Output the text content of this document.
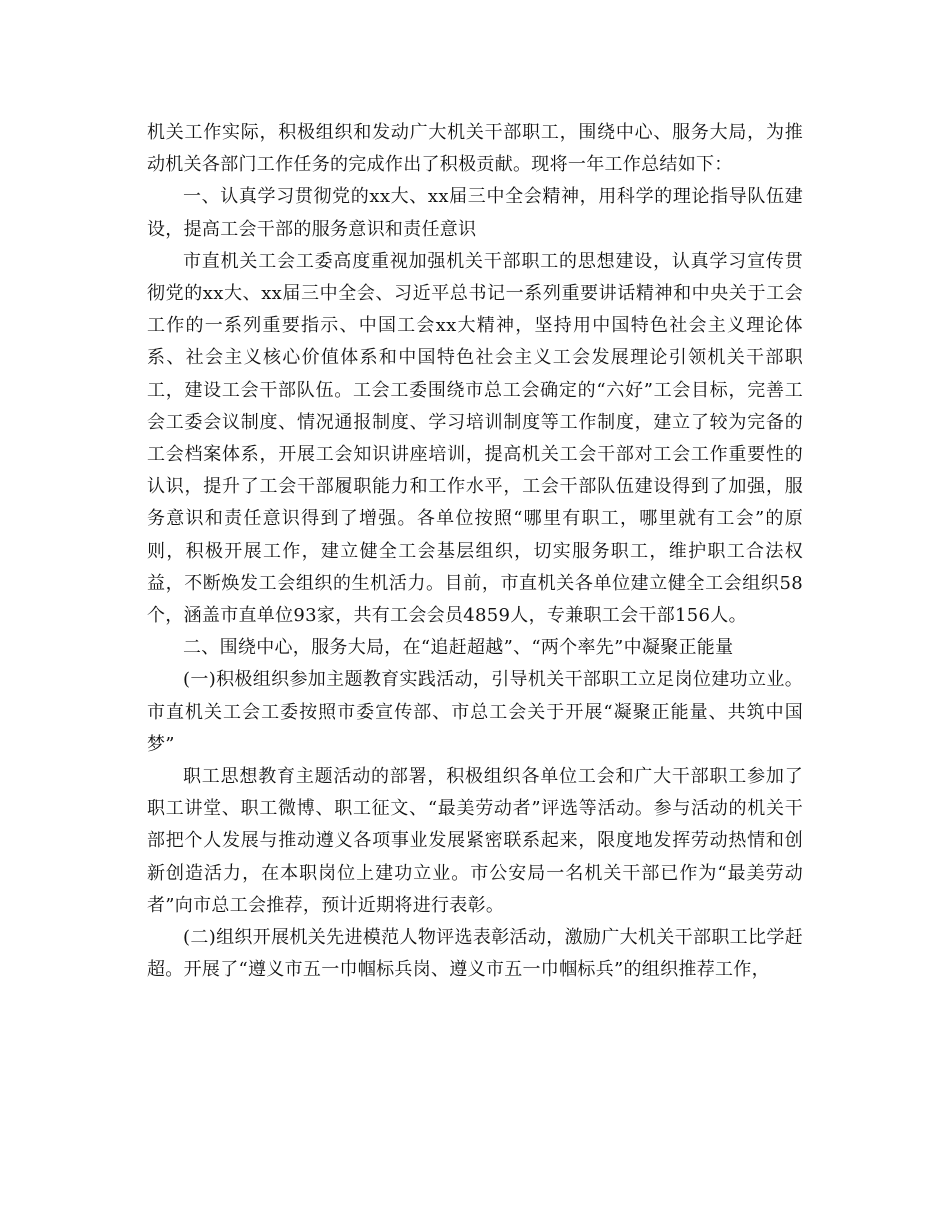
机关工作实际，积极组织和发动广大机关干部职工，围绕中心、服务大局，为推动机关各部门工作任务的完成作出了积极贡献。现将一年工作总结如下：

一、认真学习贯彻党的xx大、xx届三中全会精神，用科学的理论指导队伍建设，提高工会干部的服务意识和责任意识

市直机关工会工委高度重视加强机关干部职工的思想建设，认真学习宣传贯彻党的xx大、xx届三中全会、习近平总书记一系列重要讲话精神和中央关于工会工作的一系列重要指示、中国工会xx大精神，坚持用中国特色社会主义理论体系、社会主义核心价值体系和中国特色社会主义工会发展理论引领机关干部职工，建设工会干部队伍。工会工委围绕市总工会确定的“六好”工会目标，完善工会工委会议制度、情况通报制度、学习培训制度等工作制度，建立了较为完备的工会档案体系，开展工会知识讲座培训，提高机关工会干部对工会工作重要性的认识，提升了工会干部履职能力和工作水平，工会干部队伍建设得到了加强，服务意识和责任意识得到了增强。各单位按照“哪里有职工，哪里就有工会”的原则，积极开展工作，建立健全工会基层组织，切实服务职工，维护职工合法权益，不断焕发工会组织的生机活力。目前，市直机关各单位建立健全工会组织58个，涵盖市直单位93家，共有工会会员4859人，专兼职工会干部156人。

二、围绕中心，服务大局，在“追赶超越”、“两个率先”中凝聚正能量

(一)积极组织参加主题教育实践活动，引导机关干部职工立足岗位建功立业。市直机关工会工委按照市委宣传部、市总工会关于开展“凝聚正能量、共筑中国梦”

职工思想教育主题活动的部署，积极组织各单位工会和广大干部职工参加了职工讲堂、职工微博、职工征文、“最美劳动者”评选等活动。参与活动的机关干部把个人发展与推动遵义各项事业发展紧密联系起来，限度地发挥劳动热情和创新创造活力，在本职岗位上建功立业。市公安局一名机关干部已作为“最美劳动者”向市总工会推荐，预计近期将进行表彰。

(二)组织开展机关先进模范人物评选表彰活动，激励广大机关干部职工比学赶超。开展了“遵义市五一巾帼标兵岗、遵义市五一巾帼标兵”的组织推荐工作，
